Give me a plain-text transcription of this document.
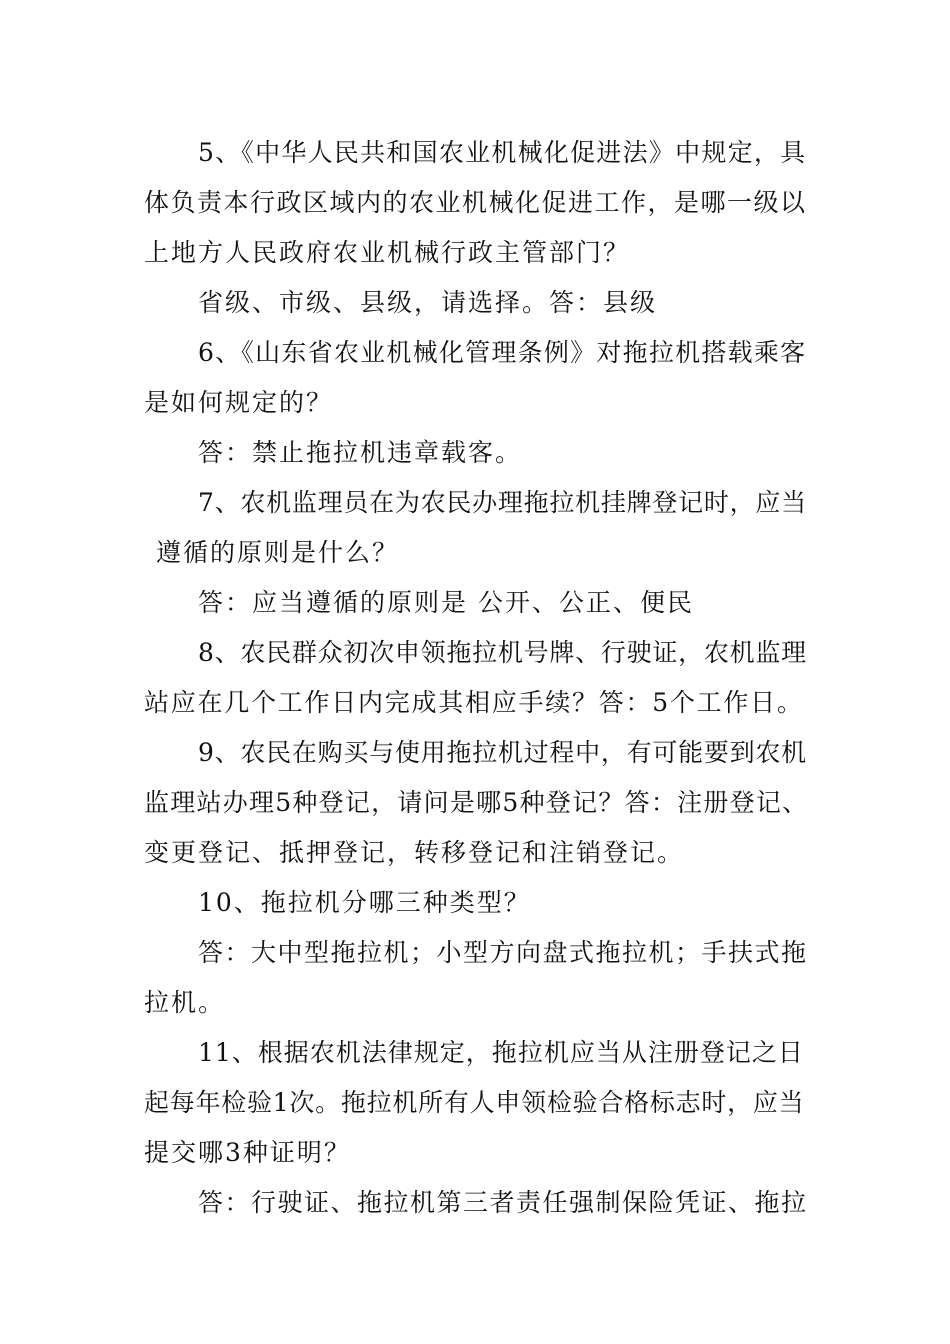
5、《中华人民共和国农业机械化促进法》中规定，具
体负责本行政区域内的农业机械化促进工作，是哪一级以
上地方人民政府农业机械行政主管部门？
省级、市级、县级，请选择。答：县级
6、《山东省农业机械化管理条例》对拖拉机搭载乘客
是如何规定的？
答：禁止拖拉机违章载客。
7、农机监理员在为农民办理拖拉机挂牌登记时，应当
遵循的原则是什么？
答：应当遵循的原则是 公开、公正、便民
8、农民群众初次申领拖拉机号牌、行驶证，农机监理
站应在几个工作日内完成其相应手续？答：5个工作日。
9、农民在购买与使用拖拉机过程中，有可能要到农机
监理站办理5种登记，请问是哪5种登记？答：注册登记、
变更登记、抵押登记，转移登记和注销登记。
10、拖拉机分哪三种类型？
答：大中型拖拉机；小型方向盘式拖拉机；手扶式拖
拉机。
11、根据农机法律规定，拖拉机应当从注册登记之日
起每年检验1次。拖拉机所有人申领检验合格标志时，应当
提交哪3种证明？
答：行驶证、拖拉机第三者责任强制保险凭证、拖拉
